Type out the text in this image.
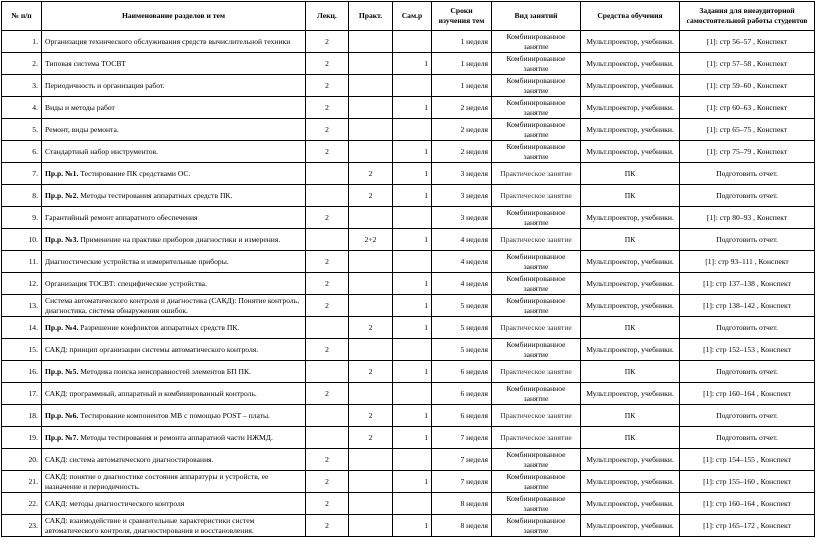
№ п/п	Наименование разделов и тем	Лекц.	Практ.	Сам.р	Сроки изучения тем	Вид занятий	Средства обучения	Задания для внеаудиторной самостоятельной работы студентов
1.	Организация технического обслуживания средств вычислительной техники	2			1 неделя	Комбинированное занятие	Мульт.проектор, учебники.	[1]: стр 56–57 , Конспект
2.	Типовая система ТОСВТ	2		1	1 неделя	Комбинированное занятие	Мульт.проектор, учебники.	[1]: стр 57–58 , Конспект
3.	Периодичность и организация работ.	2			1 неделя	Комбинированное занятие	Мульт.проектор, учебники.	[1]: стр 59–60 , Конспект
4.	Виды и методы работ	2		1	2 неделя	Комбинированное занятие	Мульт.проектор, учебники.	[1]: стр 60–63 , Конспект
5.	Ремонт, виды ремонта.	2			2 неделя	Комбинированное занятие	Мульт.проектор, учебники.	[1]: стр 65–75 , Конспект
6.	Стандартный набор инструментов.	2		1	2 неделя	Комбинированное занятие	Мульт.проектор, учебники.	[1]: стр 75–79 , Конспект
7.	Пр.р. №1. Тестирование ПК средствами ОС.		2	1	3 неделя	Практическое занятие	ПК	Подготовить отчет.
8.	Пр.р. №2. Методы тестирования аппаратных средств ПК.		2	1	3 неделя	Практическое занятие	ПК	Подготовить отчет.
9.	Гарантийный ремонт аппаратного обеспечения	2			3 неделя	Комбинированное занятие	Мульт.проектор, учебники.	[1]: стр 80–93 , Конспект
10.	Пр.р. №3. Применение на практике приборов диагностики и измерения.		2+2	1	4 неделя	Практическое занятие	ПК	Подготовить отчет.
11.	Диагностические устройства и измерительные приборы.	2			4 неделя	Комбинированное занятие	Мульт.проектор, учебники.	[1]: стр 93–111 , Конспект
12.	Организация ТОСВТ: специфические устройства.	2		1	4 неделя	Комбинированное занятие	Мульт.проектор, учебники.	[1]: стр 137–138 , Конспект
13.	Система автоматического контроля и диагностика (САКД): Понятие контроль, диагностика, система обнаружения ошибок.	2		1	5 неделя	Комбинированное занятие	Мульт.проектор, учебники.	[1]: стр 138–142 , Конспект
14.	Пр.р. №4. Разрешение конфликтов аппаратных средств ПК.		2	1	5 неделя	Практическое занятие	ПК	Подготовить отчет.
15.	САКД: принцип организации системы автоматического контроля.	2			5 неделя	Комбинированное занятие	Мульт.проектор, учебники.	[1]: стр 152–153 , Конспект
16.	Пр.р. №5. Методика поиска неисправностей элементов БП ПК.		2	1	6 неделя	Практическое занятие	ПК	Подготовить отчет.
17.	САКД: программный, аппаратный и комбинированный контроль.	2			6 неделя	Комбинированное занятие	Мульт.проектор, учебники.	[1]: стр 160–164 , Конспект
18.	Пр.р. №6. Тестирование компонентов МВ с помощью POST – платы.		2	1	6 неделя	Практическое занятие	ПК	Подготовить отчет.
19.	Пр.р. №7. Методы тестирования и ремонта аппаратной части НЖМД.		2	1	7 неделя	Практическое занятие	ПК	Подготовить отчет.
20.	САКД: система автоматического диагностирования.	2			7 неделя	Комбинированное занятие	Мульт.проектор, учебники.	[1]: стр 154–155 , Конспект
21.	САКД: понятие о диагностике состояния аппаратуры и устройств, ее назначение и периодичность.	2		1	7 неделя	Комбинированное занятие	Мульт.проектор, учебники.	[1]: стр 155–160 , Конспект
22.	САКД: методы диагностического контроля	2			8 неделя	Комбинированное занятие	Мульт.проектор, учебники.	[1]: стр 160–164 , Конспект
23.	САКД: взаимодействие и сравнительные характеристики систем автоматического контроля, диагностирования и восстановления.	2		1	8 неделя	Комбинированное занятие	Мульт.проектор, учебники.	[1]: стр 165–172 , Конспект
